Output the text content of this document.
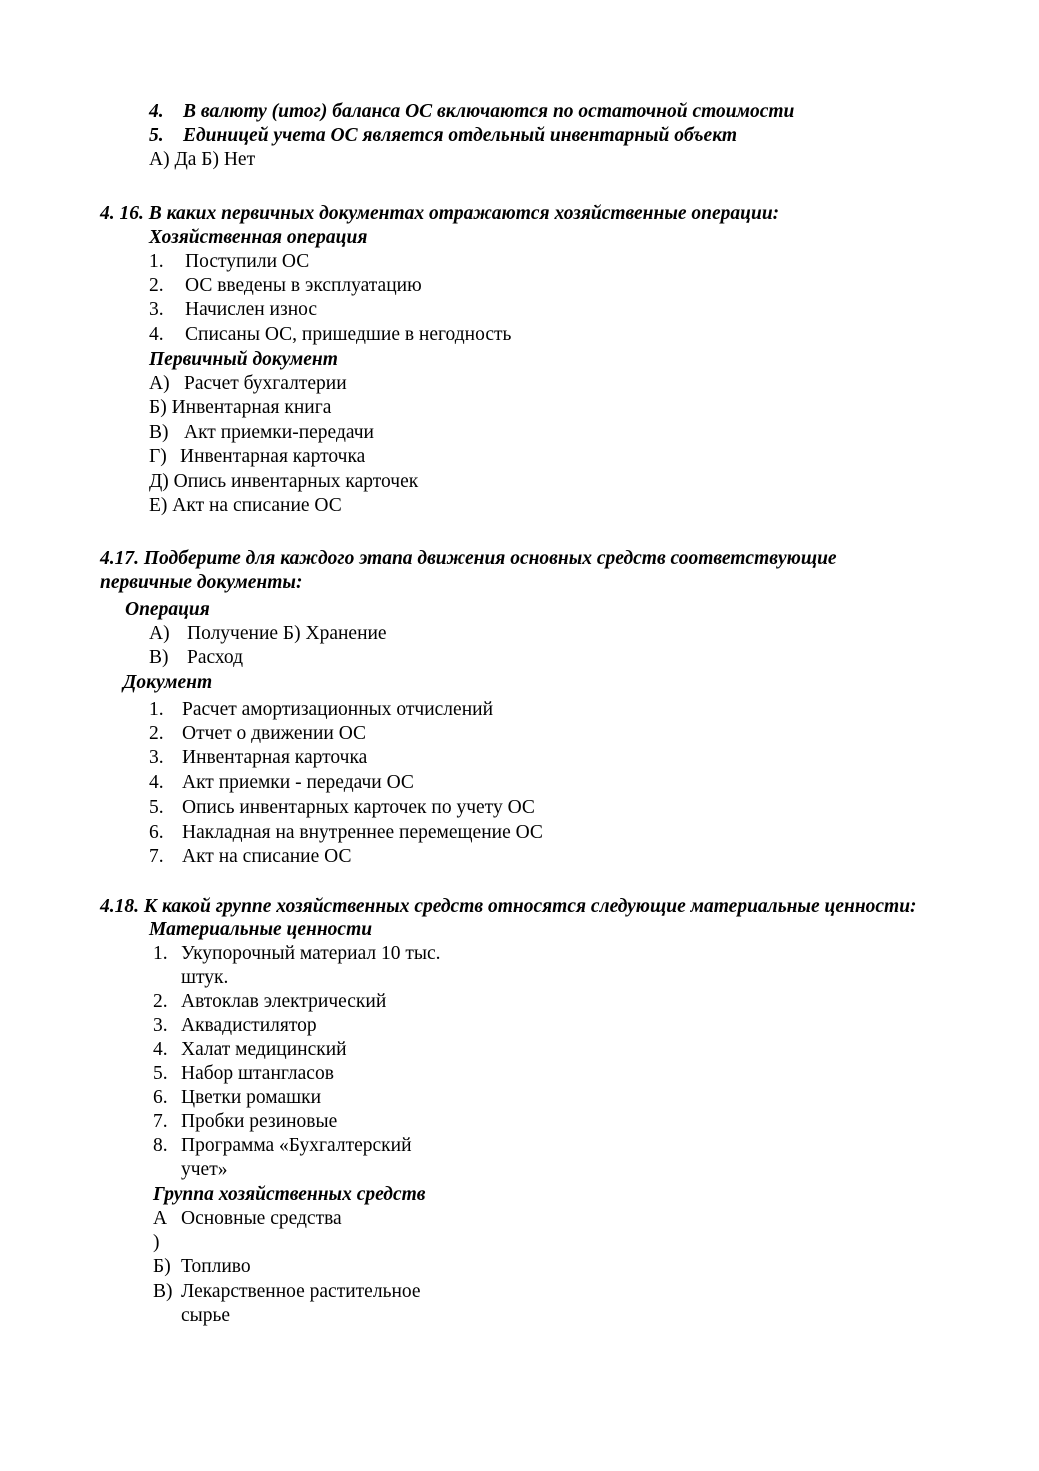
4. В валюту (итог) баланса ОС включаются по остаточной стоимости
5. Единицей учета ОС является отдельный инвентарный объект
А) Да Б) Нет
4. 16. В каких первичных документах отражаются хозяйственные операции:
Хозяйственная операция
1. Поступили ОС
2. ОС введены в эксплуатацию
3. Начислен износ
4. Списаны ОС, пришедшие в негодность
Первичный документ
А) Расчет бухгалтерии
Б) Инвентарная книга
В) Акт приемки-передачи
Г) Инвентарная карточка
Д) Опись инвентарных карточек
Е) Акт на списание ОС
4.17. Подберите для каждого этапа движения основных средств соответствующие
первичные документы:
Операция
А) Получение Б) Хранение
В) Расход
Документ
1. Расчет амортизационных отчислений
2. Отчет о движении ОС
3. Инвентарная карточка
4. Акт приемки - передачи ОС
5. Опись инвентарных карточек по учету ОС
6. Накладная на внутреннее перемещение ОС
7. Акт на списание ОС
4.18. К какой группе хозяйственных средств относятся следующие материальные ценности:
Материальные ценности
1. Укупорочный материал 10 тыс.
штук.
2. Автоклав электрический
3. Аквадистилятор
4. Халат медицинский
5. Набор штангласов
6. Цветки ромашки
7. Пробки резиновые
8. Программа «Бухгалтерский
учет»
Группа хозяйственных средств
А Основные средства
)
Б) Топливо
В) Лекарственное растительное
сырье
